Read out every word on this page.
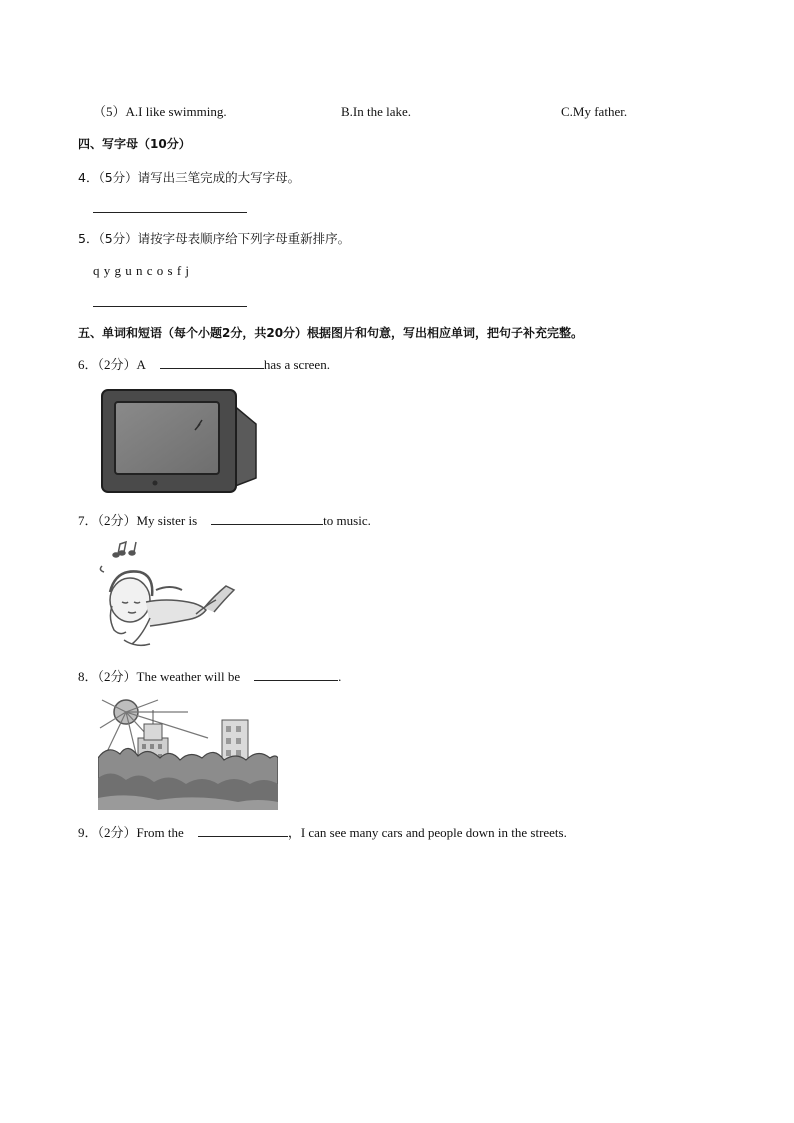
（5）A.I like swimming.	B.In the lake.	C.My father.
四、写字母（10分）
4．（5分）请写出三笔完成的大写字母。
5．（5分）请按字母表顺序给下列字母重新排序。
q y g u n c o s f j
五、单词和短语（每个小题2分，共20分）根据图片和句意，写出相应单词，把句子补充完整。
6．（2分）A	has a screen.
7．（2分）My sister is	to music.
8．（2分）The weather will be	.
9．（2分）From the	，I can see many cars and people down in the streets.
